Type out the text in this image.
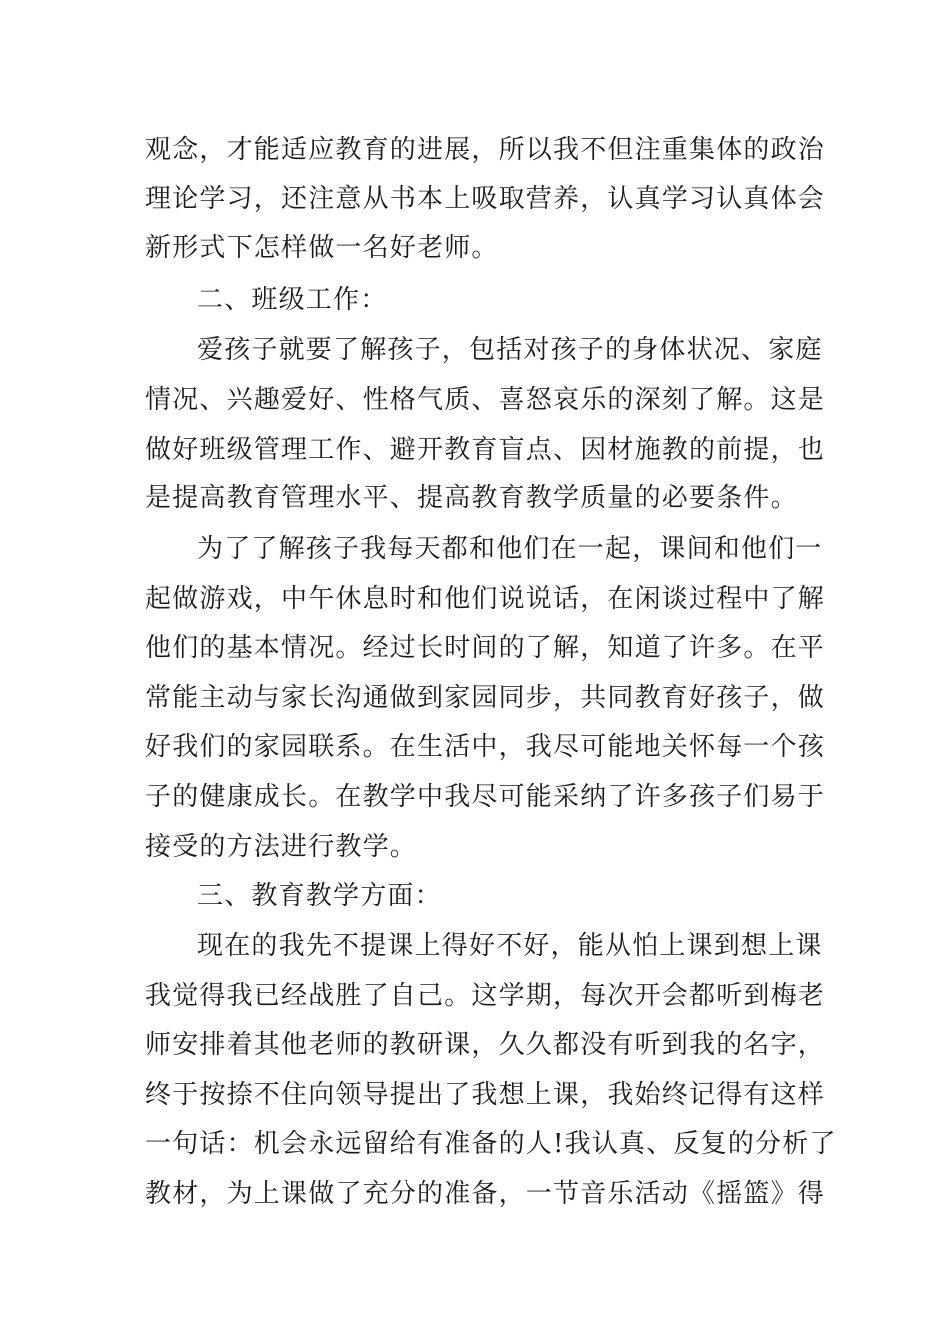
观念，才能适应教育的进展，所以我不但注重集体的政治
理论学习，还注意从书本上吸取营养，认真学习认真体会
新形式下怎样做一名好老师。
二、班级工作：
爱孩子就要了解孩子，包括对孩子的身体状况、家庭
情况、兴趣爱好、性格气质、喜怒哀乐的深刻了解。这是
做好班级管理工作、避开教育盲点、因材施教的前提，也
是提高教育管理水平、提高教育教学质量的必要条件。
为了了解孩子我每天都和他们在一起，课间和他们一
起做游戏，中午休息时和他们说说话，在闲谈过程中了解
他们的基本情况。经过长时间的了解，知道了许多。在平
常能主动与家长沟通做到家园同步，共同教育好孩子，做
好我们的家园联系。在生活中，我尽可能地关怀每一个孩
子的健康成长。在教学中我尽可能采纳了许多孩子们易于
接受的方法进行教学。
三、教育教学方面：
现在的我先不提课上得好不好，能从怕上课到想上课
我觉得我已经战胜了自己。这学期，每次开会都听到梅老
师安排着其他老师的教研课，久久都没有听到我的名字，
终于按捺不住向领导提出了我想上课，我始终记得有这样
一句话：机会永远留给有准备的人!我认真、反复的分析了
教材，为上课做了充分的准备，一节音乐活动《摇篮》得
